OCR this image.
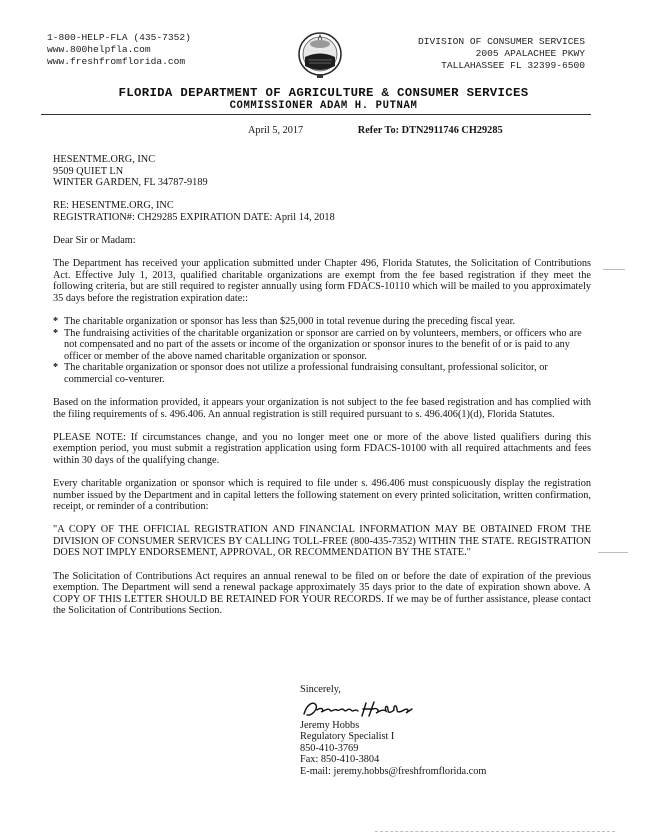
1-800-HELP-FLA (435-7352)
www.800helpfla.com
www.freshfromflorida.com
DIVISION OF CONSUMER SERVICES
2005 APALACHEE PKWY
TALLAHASSEE FL 32399-6500
FLORIDA DEPARTMENT OF AGRICULTURE & CONSUMER SERVICES
COMMISSIONER ADAM H. PUTNAM
April 5, 2017	Refer To: DTN2911746 CH29285
HESENTME.ORG, INC
9509 QUIET LN
WINTER GARDEN, FL 34787-9189
RE: HESENTME.ORG, INC
REGISTRATION#: CH29285 EXPIRATION DATE: April 14, 2018

Dear Sir or Madam:

The Department has received your application submitted under Chapter 496, Florida Statutes, the Solicitation of Contributions Act. Effective July 1, 2013, qualified charitable organizations are exempt from the fee based registration if they meet the following criteria, but are still required to register annually using form FDACS-10110 which will be mailed to you approximately 35 days before the registration expiration date::

* The charitable organization or sponsor has less than $25,000 in total revenue during the preceding fiscal year.
* The fundraising activities of the charitable organization or sponsor are carried on by volunteers, members, or officers who are not compensated and no part of the assets or income of the organization or sponsor inures to the benefit of or is paid to any officer or member of the above named charitable organization or sponsor.
* The charitable organization or sponsor does not utilize a professional fundraising consultant, professional solicitor, or commercial co-venturer.

Based on the information provided, it appears your organization is not subject to the fee based registration and has complied with the filing requirements of s. 496.406. An annual registration is still required pursuant to s. 496.406(1)(d), Florida Statutes.

PLEASE NOTE: If circumstances change, and you no longer meet one or more of the above listed qualifiers during this exemption period, you must submit a registration application using form FDACS-10100 with all required attachments and fees within 30 days of the qualifying change.

Every charitable organization or sponsor which is required to file under s. 496.406 must conspicuously display the registration number issued by the Department and in capital letters the following statement on every printed solicitation, written confirmation, receipt, or reminder of a contribution:

"A COPY OF THE OFFICIAL REGISTRATION AND FINANCIAL INFORMATION MAY BE OBTAINED FROM THE DIVISION OF CONSUMER SERVICES BY CALLING TOLL-FREE (800-435-7352) WITHIN THE STATE. REGISTRATION DOES NOT IMPLY ENDORSEMENT, APPROVAL, OR RECOMMENDATION BY THE STATE."

The Solicitation of Contributions Act requires an annual renewal to be filed on or before the date of expiration of the previous exemption. The Department will send a renewal package approximately 35 days prior to the date of expiration shown above. A COPY OF THIS LETTER SHOULD BE RETAINED FOR YOUR RECORDS. If we may be of further assistance, please contact the Solicitation of Contributions Section.

Sincerely,
Jeremy Hobbs
Regulatory Specialist I
850-410-3769
Fax: 850-410-3804
E-mail: jeremy.hobbs@freshfromflorida.com
